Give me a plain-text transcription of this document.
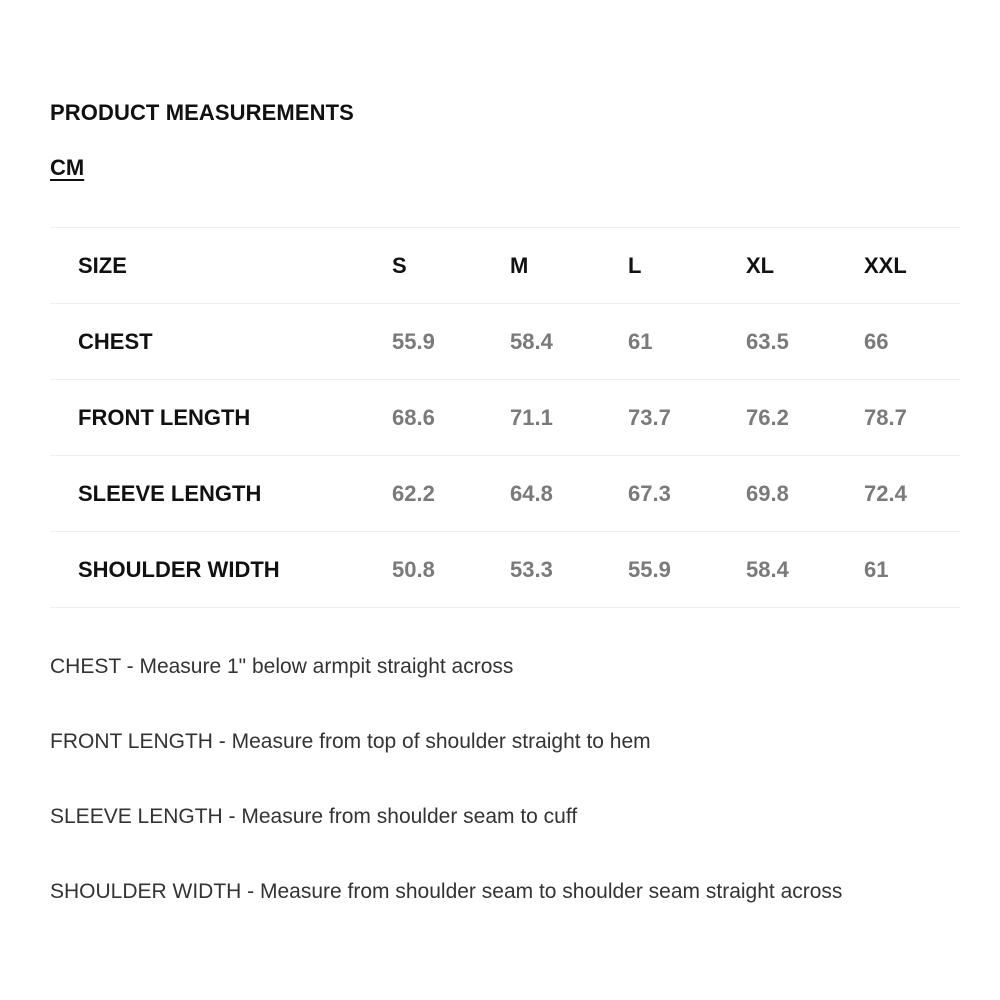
PRODUCT MEASUREMENTS
CM
SIZE	S	M	L	XL	XXL
CHEST	55.9	58.4	61	63.5	66
FRONT LENGTH	68.6	71.1	73.7	76.2	78.7
SLEEVE LENGTH	62.2	64.8	67.3	69.8	72.4
SHOULDER WIDTH	50.8	53.3	55.9	58.4	61
CHEST - Measure 1" below armpit straight across
FRONT LENGTH - Measure from top of shoulder straight to hem
SLEEVE LENGTH - Measure from shoulder seam to cuff
SHOULDER WIDTH - Measure from shoulder seam to shoulder seam straight across
